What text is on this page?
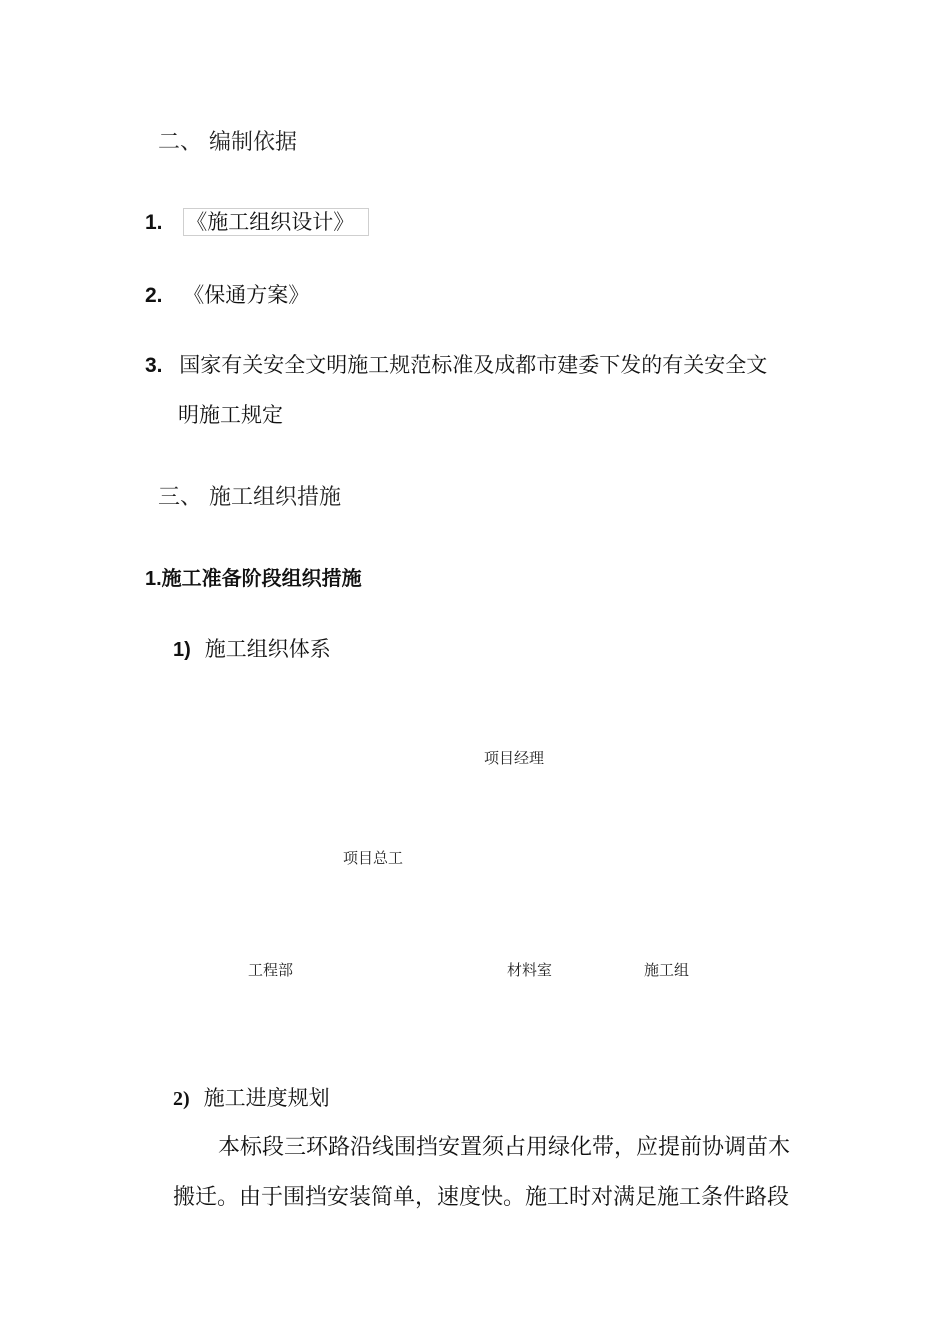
二、 编制依据
1. 《施工组织设计》
2. 《保通方案》
3. 国家有关安全文明施工规范标准及成都市建委下发的有关安全文
明施工规定
三、 施工组织措施
1.施工准备阶段组织措施
1) 施工组织体系
项目经理
项目总工
工程部	材料室	施工组
2) 施工进度规划
本标段三环路沿线围挡安置须占用绿化带，应提前协调苗木
搬迁。由于围挡安装简单，速度快。施工时对满足施工条件路段
